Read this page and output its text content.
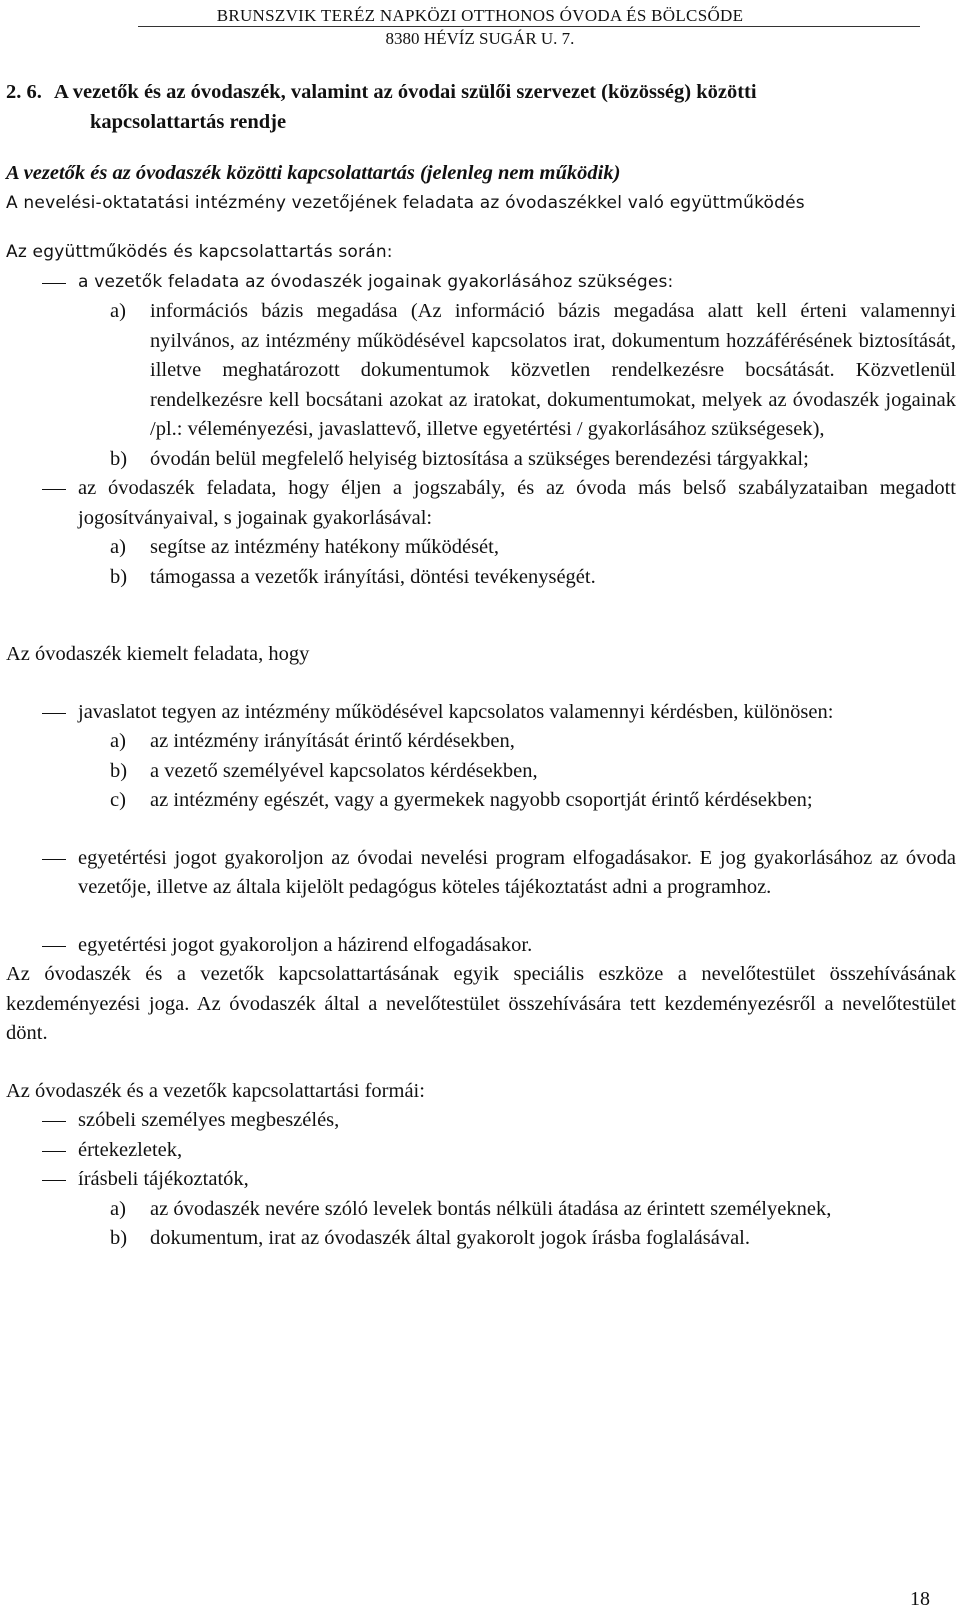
BRUNSZVIK TERÉZ NAPKÖZI OTTHONOS ÓVODA ÉS BÖLCSŐDE
8380 HÉVÍZ SUGÁR U. 7.
2. 6. A vezetők és az óvodaszék, valamint az óvodai szülői szervezet (közösség) közötti
kapcsolattartás rendje

A vezetők és az óvodaszék közötti kapcsolattartás (jelenleg nem működik)

A nevelési-oktatatási intézmény vezetőjének feladata az óvodaszékkel való együttműködés

Az együttműködés és kapcsolattartás során:

a vezetők feladata az óvodaszék jogainak gyakorlásához szükséges:

a) információs bázis megadása (Az információ bázis megadása alatt kell érteni valamennyi nyilvános, az intézmény működésével kapcsolatos irat, dokumentum hozzáférésének biztosítását, illetve meghatározott dokumentumok közvetlen rendelkezésre bocsátását. Közvetlenül rendelkezésre kell bocsátani azokat az iratokat, dokumentumokat, melyek az óvodaszék jogainak /pl.: véleményezési, javaslattevő, illetve egyetértési / gyakorlásához szükségesek),
b) óvodán belül megfelelő helyiség biztosítása a szükséges berendezési tárgyakkal;

az óvodaszék feladata, hogy éljen a jogszabály, és az óvoda más belső szabályzataiban megadott jogosítványaival, s jogainak gyakorlásával:

a) segítse az intézmény hatékony működését,
b) támogassa a vezetők irányítási, döntési tevékenységét.

Az óvodaszék kiemelt feladata, hogy

javaslatot tegyen az intézmény működésével kapcsolatos valamennyi kérdésben, különösen:

a) az intézmény irányítását érintő kérdésekben,
b) a vezető személyével kapcsolatos kérdésekben,
c) az intézmény egészét, vagy a gyermekek nagyobb csoportját érintő kérdésekben;

egyetértési jogot gyakoroljon az óvodai nevelési program elfogadásakor. E jog gyakorlásához az óvoda vezetője, illetve az általa kijelölt pedagógus köteles tájékoztatást adni a programhoz.

egyetértési jogot gyakoroljon a házirend elfogadásakor.

Az óvodaszék és a vezetők kapcsolattartásának egyik speciális eszköze a nevelőtestület összehívásának kezdeményezési joga. Az óvodaszék által a nevelőtestület összehívására tett kezdeményezésről a nevelőtestület dönt.

Az óvodaszék és a vezetők kapcsolattartási formái:

szóbeli személyes megbeszélés,

értekezletek,

írásbeli tájékoztatók,

a) az óvodaszék nevére szóló levelek bontás nélküli átadása az érintett személyeknek,
b) dokumentum, irat az óvodaszék által gyakorolt jogok írásba foglalásával.
18
